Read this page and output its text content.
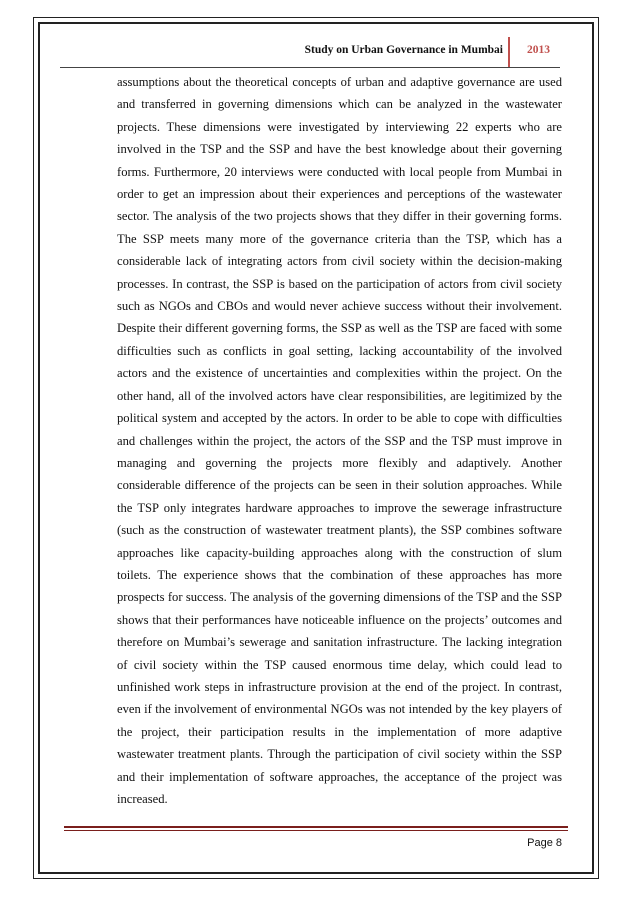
Study on Urban Governance in Mumbai 2013

assumptions about the theoretical concepts of urban and adaptive governance are used and transferred in governing dimensions which can be analyzed in the wastewater projects. These dimensions were investigated by interviewing 22 experts who are involved in the TSP and the SSP and have the best knowledge about their governing forms. Furthermore, 20 interviews were conducted with local people from Mumbai in order to get an impression about their experiences and perceptions of the wastewater sector. The analysis of the two projects shows that they differ in their governing forms. The SSP meets many more of the governance criteria than the TSP, which has a considerable lack of integrating actors from civil society within the decision-making processes. In contrast, the SSP is based on the participation of actors from civil society such as NGOs and CBOs and would never achieve success without their involvement. Despite their different governing forms, the SSP as well as the TSP are faced with some difficulties such as conflicts in goal setting, lacking accountability of the involved actors and the existence of uncertainties and complexities within the project. On the other hand, all of the involved actors have clear responsibilities, are legitimized by the political system and accepted by the actors. In order to be able to cope with difficulties and challenges within the project, the actors of the SSP and the TSP must improve in managing and governing the projects more flexibly and adaptively. Another considerable difference of the projects can be seen in their solution approaches. While the TSP only integrates hardware approaches to improve the sewerage infrastructure (such as the construction of wastewater treatment plants), the SSP combines software approaches like capacity-building approaches along with the construction of slum toilets. The experience shows that the combination of these approaches has more prospects for success. The analysis of the governing dimensions of the TSP and the SSP shows that their performances have noticeable influence on the projects’ outcomes and therefore on Mumbai’s sewerage and sanitation infrastructure. The lacking integration of civil society within the TSP caused enormous time delay, which could lead to unfinished work steps in infrastructure provision at the end of the project. In contrast, even if the involvement of environmental NGOs was not intended by the key players of the project, their participation results in the implementation of more adaptive wastewater treatment plants. Through the participation of civil society within the SSP and their implementation of software approaches, the acceptance of the project was increased.

Page 8
